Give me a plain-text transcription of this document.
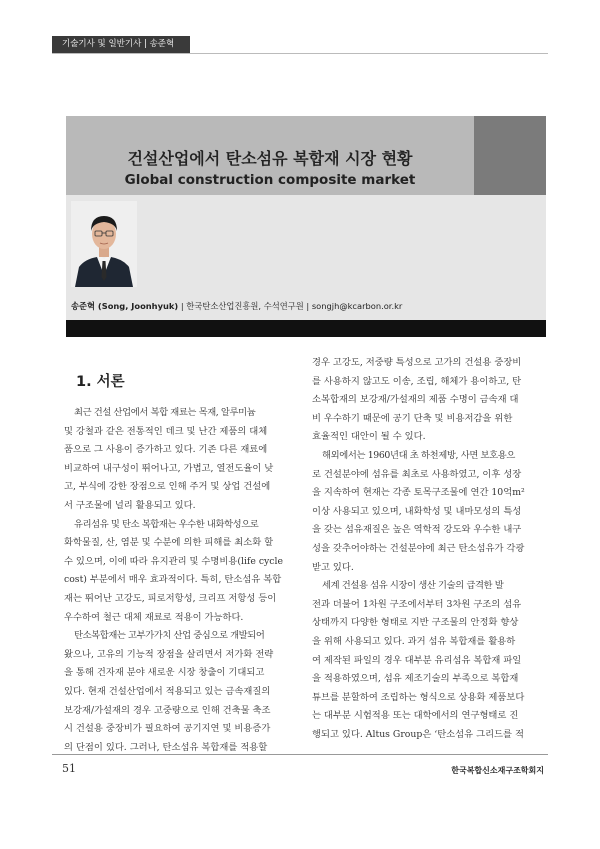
기술기사 및 일반기사 | 송준혁
건설산업에서 탄소섬유 복합재 시장 현황
Global construction composite market
송준혁 (Song, Joonhyuk) | 한국탄소산업진흥원, 수석연구원 | songjh@kcarbon.or.kr
1. 서론

최근 건설 산업에서 복합 재료는 목재, 알루미늄
및 강철과 같은 전통적인 데크 및 난간 제품의 대체
품으로 그 사용이 증가하고 있다. 기존 다른 재료에
비교하여 내구성이 뛰어나고, 가볍고, 열전도율이 낮
고, 부식에 강한 장점으로 인해 주거 및 상업 건설에
서 구조물에 널리 활용되고 있다.

유리섬유 및 탄소 복합재는 우수한 내화학성으로
화학물질, 산, 염분 및 수분에 의한 피해를 최소화 할
수 있으며, 이에 따라 유지관리 및 수명비용(life cycle
cost) 부분에서 매우 효과적이다. 특히, 탄소섬유 복합
재는 뛰어난 고강도, 피로저항성, 크리프 저항성 등이
우수하여 철근 대체 재료로 적용이 가능하다.

탄소복합재는 고부가가치 산업 중심으로 개발되어
왔으나, 고유의 기능적 장점을 살리면서 저가화 전략
을 통해 건자재 분야 새로운 시장 창출이 기대되고
있다. 현재 건설산업에서 적용되고 있는 금속재질의
보강재/가설재의 경우 고중량으로 인해 건축물 축조
시 건설용 중장비가 필요하여 공기지연 및 비용증가
의 단점이 있다. 그러나, 탄소섬유 복합재를 적용할

경우 고강도, 저중량 특성으로 고가의 건설용 중장비
를 사용하지 않고도 이송, 조립, 해체가 용이하고, 탄
소복합재의 보강재/가설재의 제품 수명이 금속재 대
비 우수하기 때문에 공기 단축 및 비용저감을 위한
효율적인 대안이 될 수 있다.

해외에서는 1960년대 초 하천제방, 사면 보호용으
로 건설분야에 섬유를 최초로 사용하였고, 이후 성장
을 지속하여 현재는 각종 토목구조물에 연간 10억m²
이상 사용되고 있으며, 내화학성 및 내마모성의 특성
을 갖는 섬유재질은 높은 역학적 강도와 우수한 내구
성을 갖추어야하는 건설분야에 최근 탄소섬유가 각광
받고 있다.

세계 건설용 섬유 시장이 생산 기술의 급격한 발
전과 더불어 1차원 구조에서부터 3차원 구조의 섬유
상태까지 다양한 형태로 지반 구조물의 안정화 향상
을 위해 사용되고 있다. 과거 섬유 복합재를 활용하
여 제작된 파일의 경우 대부분 유리섬유 복합재 파일
을 적용하였으며, 섬유 제조기술의 부족으로 복합재
튜브를 분할하여 조립하는 형식으로 상용화 제품보다
는 대부분 시험적용 또는 대학에서의 연구형태로 진
행되고 있다. Altus Group은 ‘탄소섬유 그리드를 적

51	한국복합신소재구조학회지
